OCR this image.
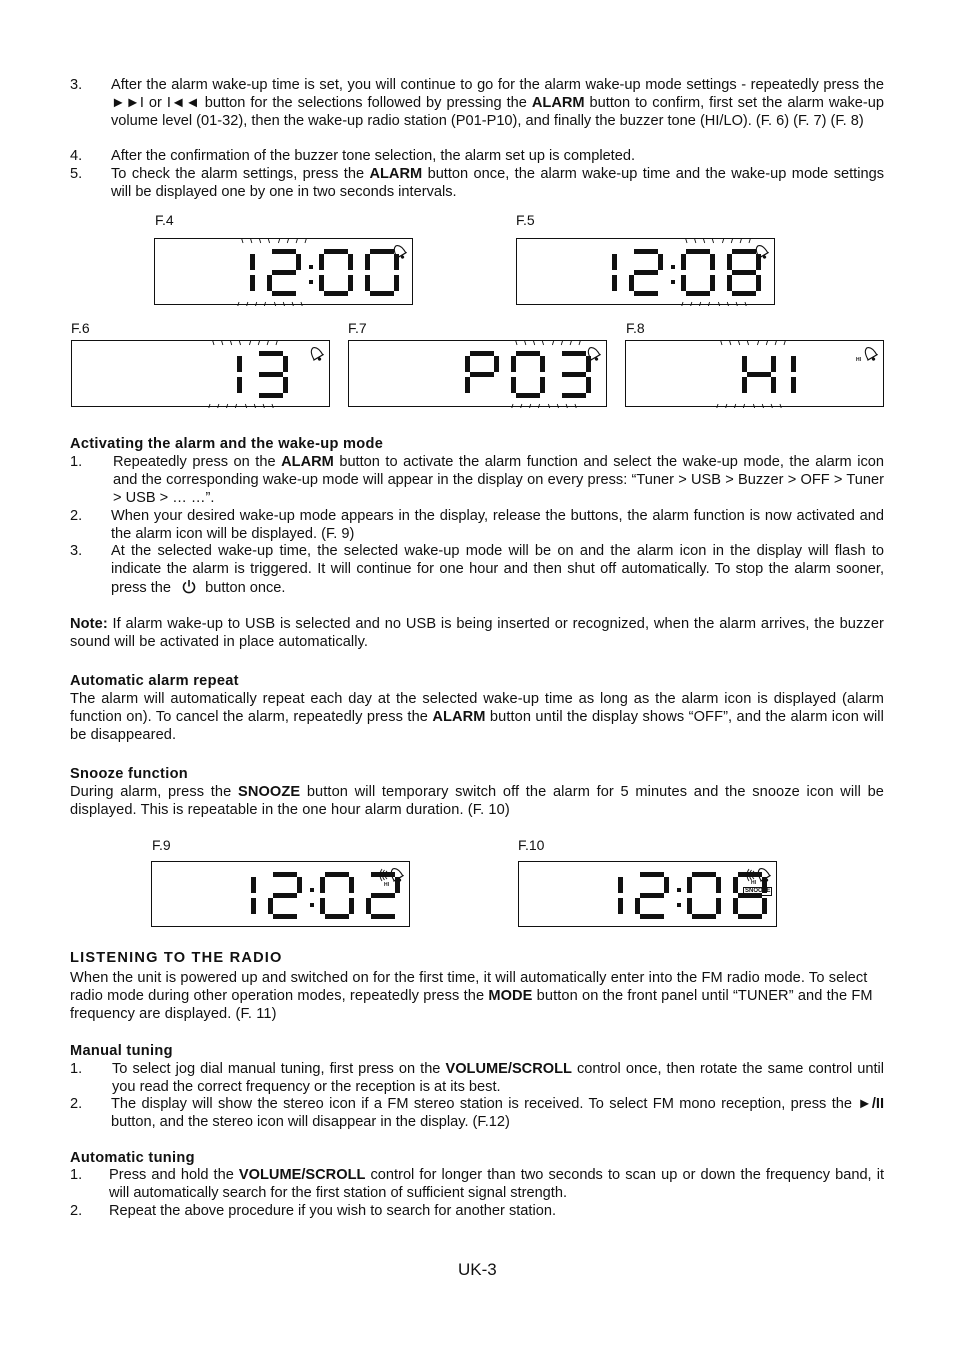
3. After the alarm wake-up time is set, you will continue to go for the alarm wake-up mode settings - repeatedly press the ►►I or I◄◄ button for the selections followed by pressing the ALARM button to confirm, first set the alarm wake-up volume level (01-32), then the wake-up radio station (P01-P10), and finally the buzzer tone (HI/LO). (F. 6) (F. 7) (F. 8)
4. After the confirmation of the buzzer tone selection, the alarm set up is completed.
5. To check the alarm settings, press the ALARM button once, the alarm wake-up time and the wake-up mode settings will be displayed one by one in two seconds intervals.
F.4	F.5
F.6	F.7	F.8
HI
Activating the alarm and the wake-up mode
1. Repeatedly press on the ALARM button to activate the alarm function and select the wake-up mode, the alarm icon and the corresponding wake-up mode will appear in the display on every press: “Tuner > USB > Buzzer > OFF > Tuner > USB > … …”.
2. When your desired wake-up mode appears in the display, release the buttons, the alarm function is now activated and the alarm icon will be displayed. (F. 9)
3. At the selected wake-up time, the selected wake-up mode will be on and the alarm icon in the display will flash to indicate the alarm is triggered. It will continue for one hour and then shut off automatically. To stop the alarm sooner, press the  button once.
Note: If alarm wake-up to USB is selected and no USB is being inserted or recognized, when the alarm arrives, the buzzer sound will be activated in place automatically.
Automatic alarm repeat
The alarm will automatically repeat each day at the selected wake-up time as long as the alarm icon is displayed (alarm function on). To cancel the alarm, repeatedly press the ALARM button until the display shows “OFF”, and the alarm icon will be disappeared.
Snooze function
During alarm, press the SNOOZE button will temporary switch off the alarm for 5 minutes and the snooze icon will be displayed. This is repeatable in the one hour alarm duration. (F. 10)
F.9
HI
F.10
HI
SNOOZE
LISTENING TO THE RADIO
When the unit is powered up and switched on for the first time, it will automatically enter into the FM radio mode. To select radio mode during other operation modes, repeatedly press the MODE button on the front panel until “TUNER” and the FM frequency are displayed. (F. 11)
Manual tuning
1. To select jog dial manual tuning, first press on the VOLUME/SCROLL control once, then rotate the same control until you read the correct frequency or the reception is at its best.
2. The display will show the stereo icon if a FM stereo station is received. To select FM mono reception, press the ►/II button, and the stereo icon will disappear in the display. (F.12)
Automatic tuning
1. Press and hold the VOLUME/SCROLL control for longer than two seconds to scan up or down the frequency band, it will automatically search for the first station of sufficient signal strength.
2. Repeat the above procedure if you wish to search for another station.
UK-3
